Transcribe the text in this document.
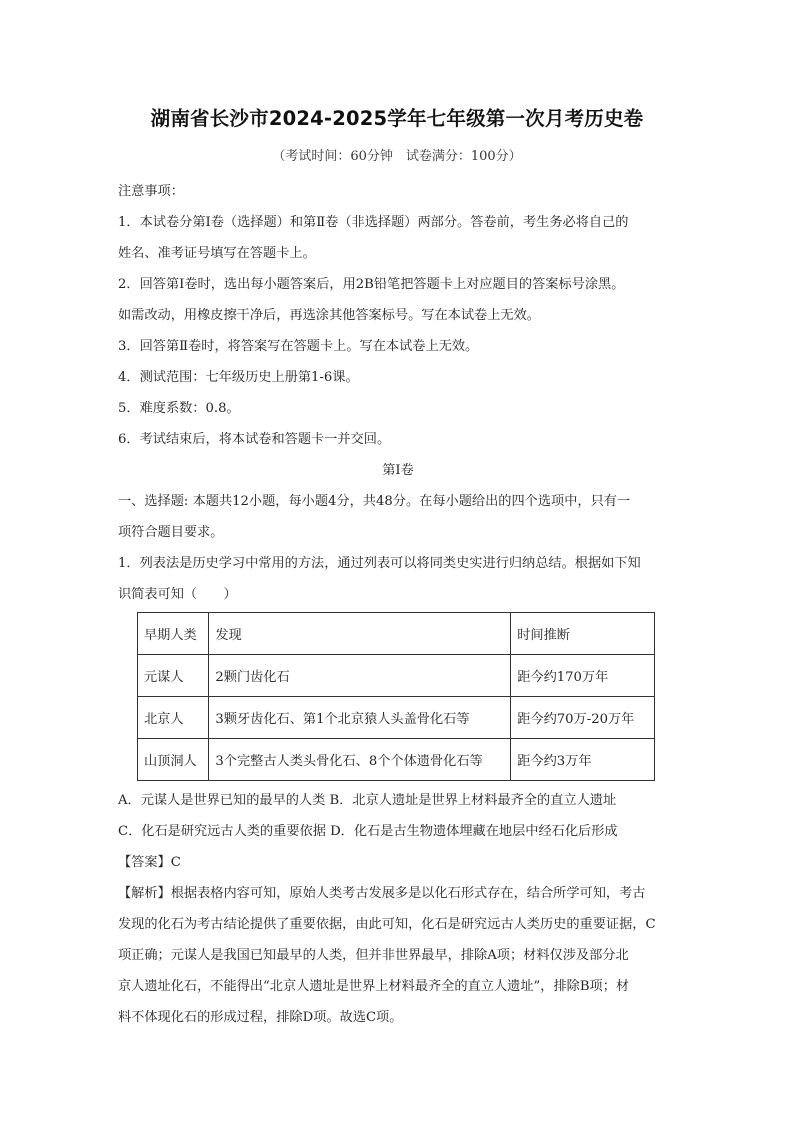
湖南省长沙市2024-2025学年七年级第一次月考历史卷
（考试时间：60分钟　试卷满分：100分）
注意事项：
1．本试卷分第Ⅰ卷（选择题）和第Ⅱ卷（非选择题）两部分。答卷前，考生务必将自己的
姓名、准考证号填写在答题卡上。
2．回答第Ⅰ卷时，选出每小题答案后，用2B铅笔把答题卡上对应题目的答案标号涂黑。
如需改动，用橡皮擦干净后，再选涂其他答案标号。写在本试卷上无效。
3．回答第Ⅱ卷时，将答案写在答题卡上。写在本试卷上无效。
4．测试范围：七年级历史上册第1-6课。
5．难度系数：0.8。
6．考试结束后，将本试卷和答题卡一并交回。
第Ⅰ卷
一、选择题: 本题共12小题，每小题4分，共48分。在每小题给出的四个选项中，只有一
项符合题目要求。
1．列表法是历史学习中常用的方法，通过列表可以将同类史实进行归纳总结。根据如下知
识简表可知（　　）
早期人类	发现	时间推断
元谋人	2颗门齿化石	距今约170万年
北京人	3颗牙齿化石、第1个北京猿人头盖骨化石等	距今约70万-20万年
山顶洞人	3个完整古人类头骨化石、8个个体遗骨化石等	距今约3万年
A．元谋人是世界已知的最早的人类 B．北京人遗址是世界上材料最齐全的直立人遗址
C．化石是研究远古人类的重要依据 D．化石是古生物遗体埋藏在地层中经石化后形成
【答案】C
【解析】根据表格内容可知，原始人类考古发展多是以化石形式存在，结合所学可知，考古
发现的化石为考古结论提供了重要依据，由此可知，化石是研究远古人类历史的重要证据，C
项正确；元谋人是我国已知最早的人类，但并非世界最早，排除A项；材料仅涉及部分北
京人遗址化石，不能得出“北京人遗址是世界上材料最齐全的直立人遗址”，排除B项；材
料不体现化石的形成过程，排除D项。故选C项。
